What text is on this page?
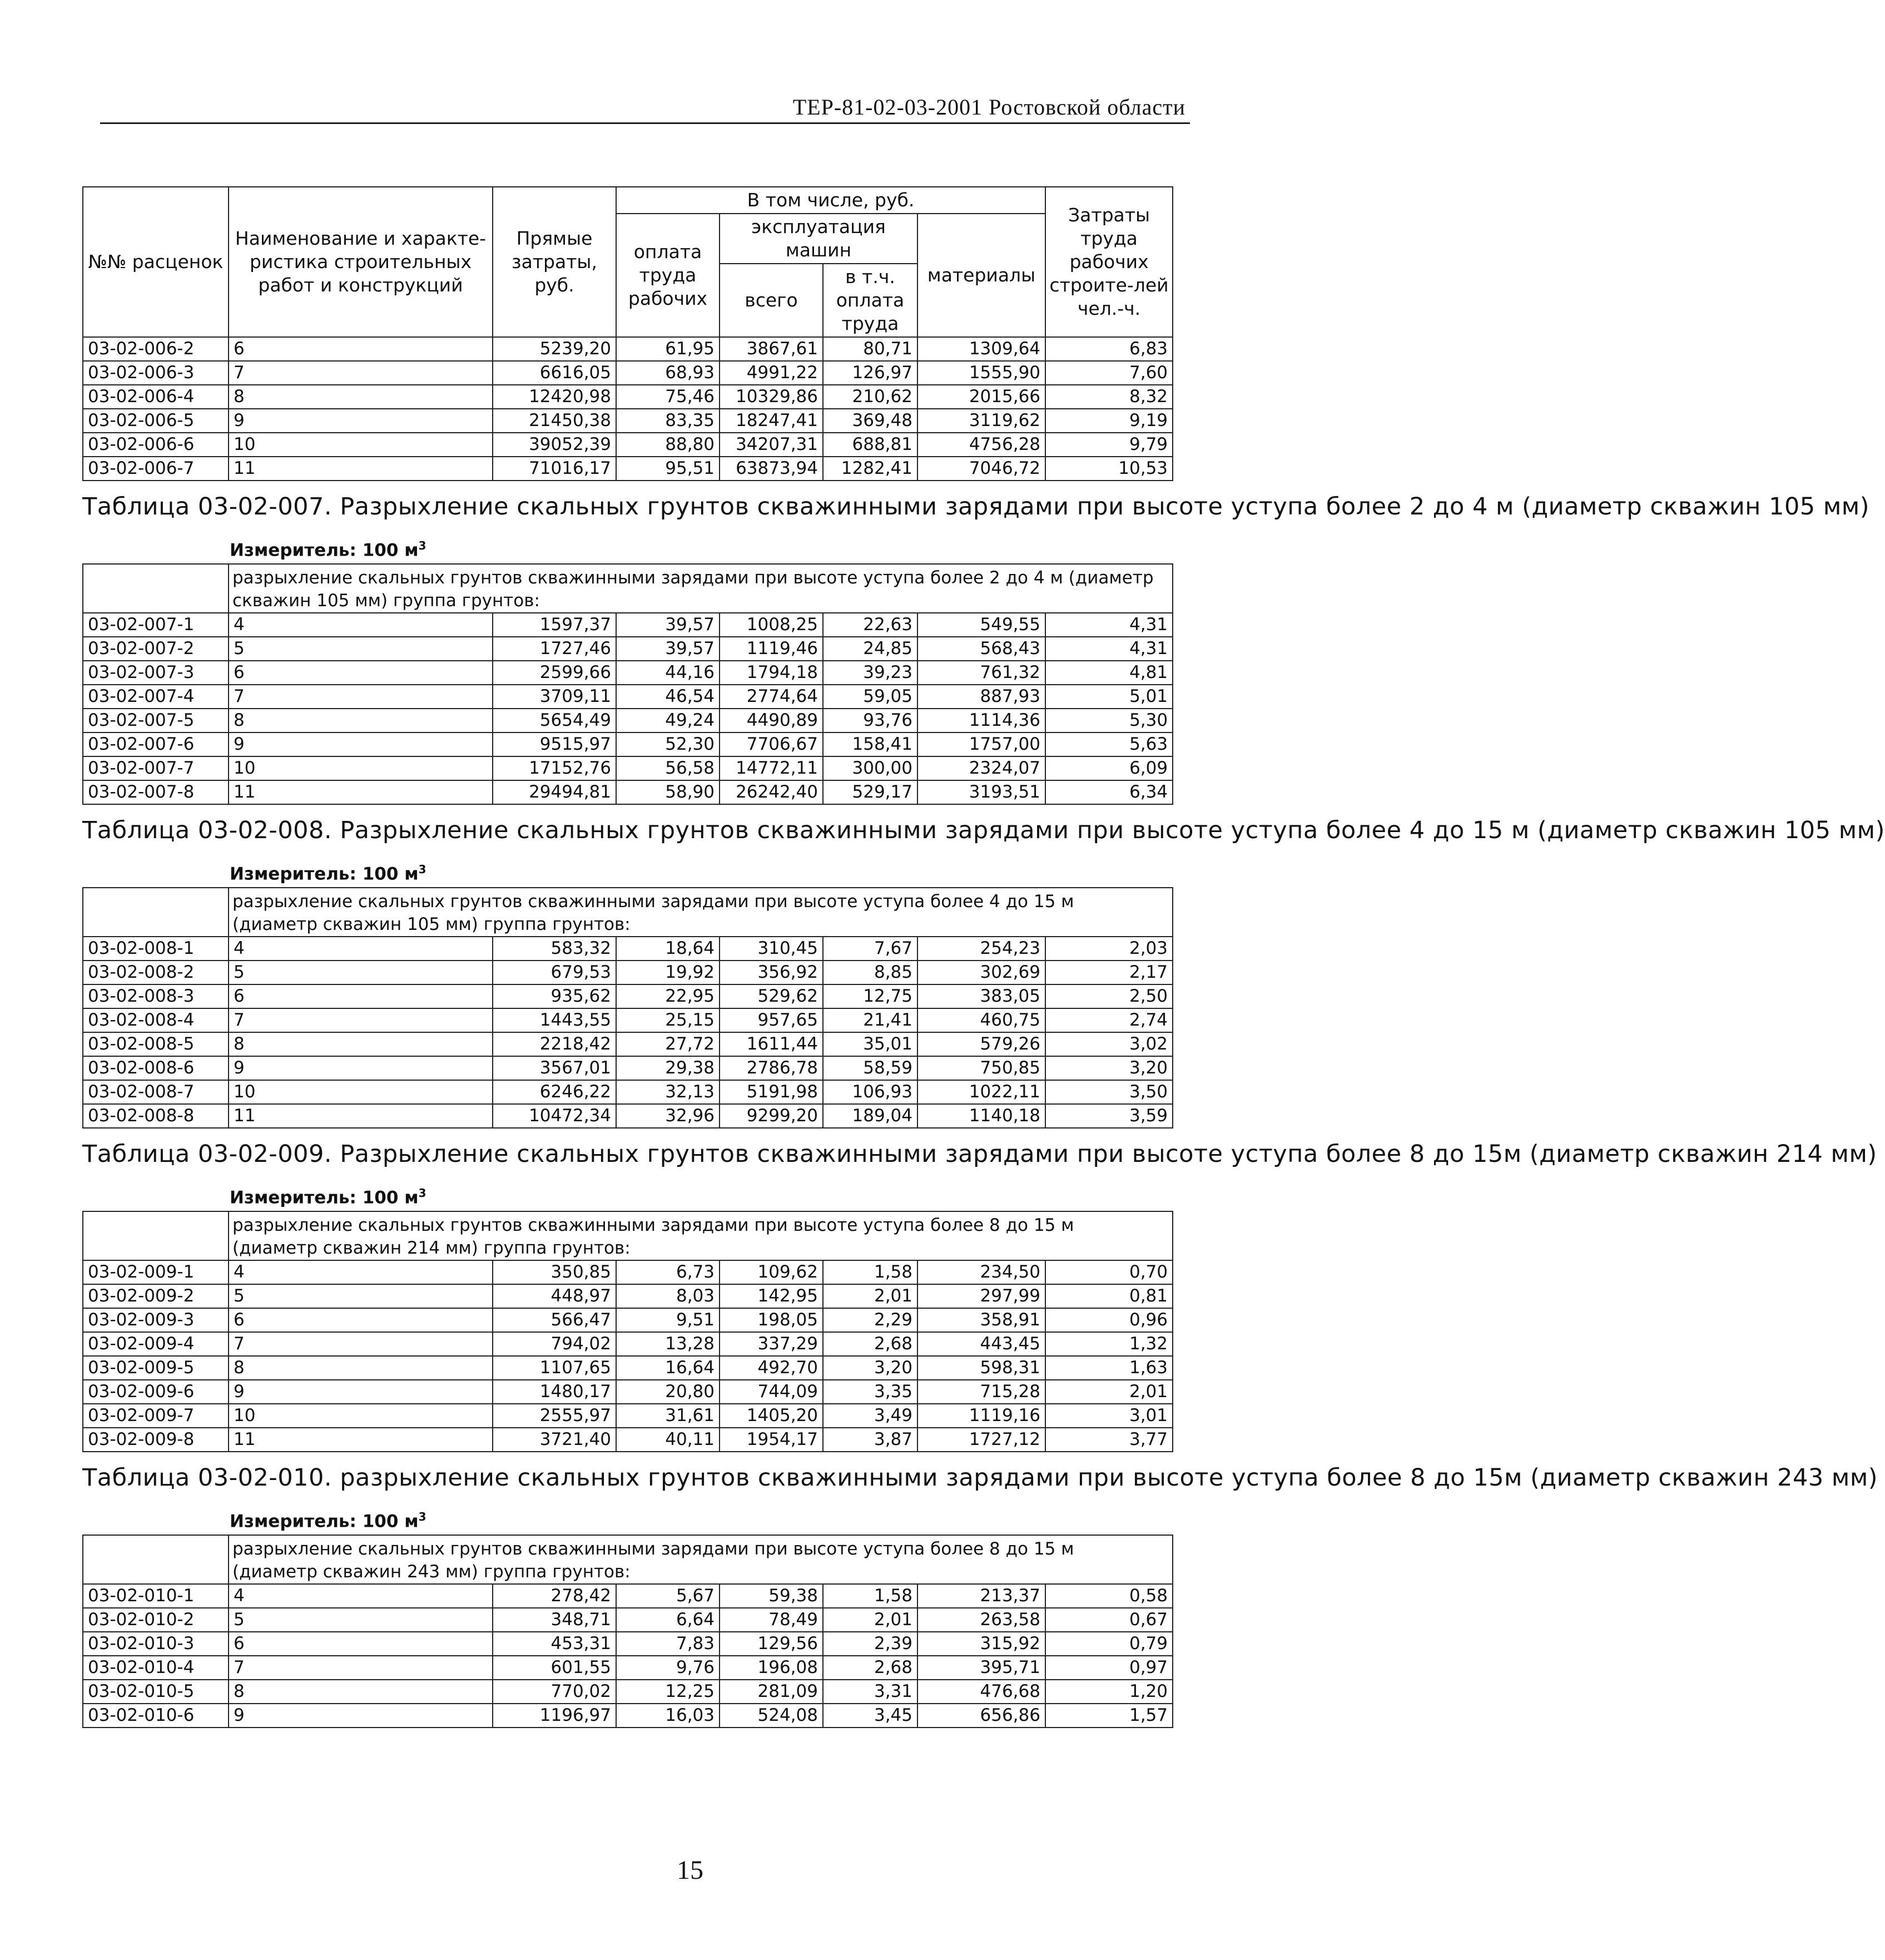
ТЕР-81-02-03-2001 Ростовской области
№№ расценок	Наименование и характе-ристика строительных работ и конструкций	Прямые затраты, руб.	В том числе, руб.				Затраты труда рабочих строите-лей чел.-ч.
			оплата труда рабочих	эксплуатация машин		материалы	
				всего	в т.ч. оплата труда		
03-02-006-2	6	5239,20	61,95	3867,61	80,71	1309,64	6,83
03-02-006-3	7	6616,05	68,93	4991,22	126,97	1555,90	7,60
03-02-006-4	8	12420,98	75,46	10329,86	210,62	2015,66	8,32
03-02-006-5	9	21450,38	83,35	18247,41	369,48	3119,62	9,19
03-02-006-6	10	39052,39	88,80	34207,31	688,81	4756,28	9,79
03-02-006-7	11	71016,17	95,51	63873,94	1282,41	7046,72	10,53
Таблица 03-02-007. Разрыхление скальных грунтов скважинными зарядами при высоте уступа более 2 до 4 м (диаметр скважин 105 мм)
Измеритель: 100 $м^3$
	разрыхление скальных грунтов скважинными зарядами при высоте уступа более 2 до 4 м (диаметр скважин 105 мм) группа грунтов:						
03-02-007-1	4	1597,37	39,57	1008,25	22,63	549,55	4,31
03-02-007-2	5	1727,46	39,57	1119,46	24,85	568,43	4,31
03-02-007-3	6	2599,66	44,16	1794,18	39,23	761,32	4,81
03-02-007-4	7	3709,11	46,54	2774,64	59,05	887,93	5,01
03-02-007-5	8	5654,49	49,24	4490,89	93,76	1114,36	5,30
03-02-007-6	9	9515,97	52,30	7706,67	158,41	1757,00	5,63
03-02-007-7	10	17152,76	56,58	14772,11	300,00	2324,07	6,09
03-02-007-8	11	29494,81	58,90	26242,40	529,17	3193,51	6,34
Таблица 03-02-008. Разрыхление скальных грунтов скважинными зарядами при высоте уступа более 4 до 15 м (диаметр скважин 105 мм)
Измеритель: 100 $м^3$
	разрыхление скальных грунтов скважинными зарядами при высоте уступа более 4 до 15 м (диаметр скважин 105 мм) группа грунтов:						
03-02-008-1	4	583,32	18,64	310,45	7,67	254,23	2,03
03-02-008-2	5	679,53	19,92	356,92	8,85	302,69	2,17
03-02-008-3	6	935,62	22,95	529,62	12,75	383,05	2,50
03-02-008-4	7	1443,55	25,15	957,65	21,41	460,75	2,74
03-02-008-5	8	2218,42	27,72	1611,44	35,01	579,26	3,02
03-02-008-6	9	3567,01	29,38	2786,78	58,59	750,85	3,20
03-02-008-7	10	6246,22	32,13	5191,98	106,93	1022,11	3,50
03-02-008-8	11	10472,34	32,96	9299,20	189,04	1140,18	3,59
Таблица 03-02-009. Разрыхление скальных грунтов скважинными зарядами при высоте уступа более 8 до 15м (диаметр скважин 214 мм)
Измеритель: 100 $м^3$
	разрыхление скальных грунтов скважинными зарядами при высоте уступа более 8 до 15 м (диаметр скважин 214 мм) группа грунтов:						
03-02-009-1	4	350,85	6,73	109,62	1,58	234,50	0,70
03-02-009-2	5	448,97	8,03	142,95	2,01	297,99	0,81
03-02-009-3	6	566,47	9,51	198,05	2,29	358,91	0,96
03-02-009-4	7	794,02	13,28	337,29	2,68	443,45	1,32
03-02-009-5	8	1107,65	16,64	492,70	3,20	598,31	1,63
03-02-009-6	9	1480,17	20,80	744,09	3,35	715,28	2,01
03-02-009-7	10	2555,97	31,61	1405,20	3,49	1119,16	3,01
03-02-009-8	11	3721,40	40,11	1954,17	3,87	1727,12	3,77
Таблица 03-02-010. разрыхление скальных грунтов скважинными зарядами при высоте уступа более 8 до 15м (диаметр скважин 243 мм)
Измеритель: 100 $м^3$
	разрыхление скальных грунтов скважинными зарядами при высоте уступа более 8 до 15 м (диаметр скважин 243 мм) группа грунтов:						
03-02-010-1	4	278,42	5,67	59,38	1,58	213,37	0,58
03-02-010-2	5	348,71	6,64	78,49	2,01	263,58	0,67
03-02-010-3	6	453,31	7,83	129,56	2,39	315,92	0,79
03-02-010-4	7	601,55	9,76	196,08	2,68	395,71	0,97
03-02-010-5	8	770,02	12,25	281,09	3,31	476,68	1,20
03-02-010-6	9	1196,97	16,03	524,08	3,45	656,86	1,57
15
